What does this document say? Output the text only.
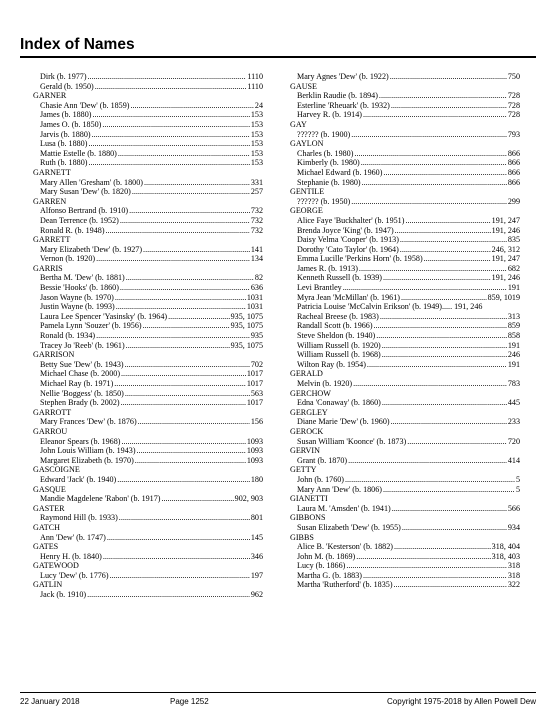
Index of Names
Dirk (b. 1977) .....	1110
Gerald (b. 1950) .....	1110
GARNER
Chasie Ann 'Dew' (b. 1859) .....	24
James (b. 1880) .....	153
James O. (b. 1850) .....	153
Jarvis (b. 1880) .....	153
Lusa (b. 1880) .....	153
Mattie Estelle (b. 1880) .....	153
Ruth (b. 1880) .....	153
GARNETT
Mary Allen 'Gresham' (b. 1800) .....	331
Mary Susan 'Dew' (b. 1820) .....	257
GARREN
Alfonso Bertrand (b. 1910) .....	732
Dean Terrence (b. 1952) .....	732
Ronald R. (b. 1948) .....	732
GARRETT
Mary Elizabeth 'Dew' (b. 1927) .....	141
Vernon (b. 1920) .....	134
GARRIS
Bertha M. 'Dew' (b. 1881) .....	82
Bessie 'Hooks' (b. 1860) .....	636
Jason Wayne (b. 1970) .....	1031
Justin Wayne (b. 1993) .....	1031
Laura Lee Spencer 'Yasinsky' (b. 1964) .....	935, 1075
Pamela Lynn 'Souzer' (b. 1956) .....	935, 1075
Ronald (b. 1934) .....	935
Tracey Jo 'Reeb' (b. 1961) .....	935, 1075
GARRISON
Betty Sue 'Dew' (b. 1943) .....	702
Michael Chase (b. 2000) .....	1017
Michael Ray (b. 1971) .....	1017
Nellie 'Boggess' (b. 1850) .....	563
Stephen Brady (b. 2002) .....	1017
GARROTT
Mary Frances 'Dew' (b. 1876) .....	156
GARROU
Eleanor Spears (b. 1968) .....	1093
John Louis William (b. 1943) .....	1093
Margaret Elizabeth (b. 1970) .....	1093
GASCOIGNE
Edward 'Jack' (b. 1940) .....	180
GASQUE
Mandie Magdelene 'Rabon' (b. 1917) .....	902, 903
GASTER
Raymond Hill (b. 1933) .....	801
GATCH
Ann 'Dew' (b. 1747) .....	145
GATES
Henry H. (b. 1840) .....	346
GATEWOOD
Lucy 'Dew' (b. 1776) .....	197
GATLIN
Jack (b. 1910) .....	962
Mary Agnes 'Dew' (b. 1922) .....	750
GAUSE
Berklin Raudie (b. 1894) .....	728
Esterline 'Rheuark' (b. 1932) .....	728
Harvey R. (b. 1914) .....	728
GAY
?????? (b. 1900) .....	793
GAYLON
Charles (b. 1980) .....	866
Kimberly (b. 1980) .....	866
Michael Edward (b. 1960) .....	866
Stephanie (b. 1980) .....	866
GENTILE
?????? (b. 1950) .....	299
GEORGE
Alice Faye 'Buckhalter' (b. 1951) .....	191, 247
Brenda Joyce 'King' (b. 1947) .....	191, 246
Daisy Velma 'Cooper' (b. 1913) .....	835
Dorothy 'Cato Taylor' (b. 1964) .....	246, 312
Emma Lucille 'Perkins Horn' (b. 1958) .....	191, 247
James R. (b. 1913) .....	682
Kenneth Russell (b. 1939) .....	191, 246
Levi Brantley .....	191
Myra Jean 'McMillan' (b. 1961) .....	859, 1019
Patricia Louise 'McCalvin Erikson' (b. 1949)..... 191, 246
Racheal Breese (b. 1983) .....	313
Randall Scott (b. 1966) .....	859
Steve Sheldon (b. 1940) .....	858
William Russell (b. 1920) .....	191
William Russell (b. 1968) .....	246
Wilton Ray (b. 1954) .....	191
GERALD
Melvin (b. 1920) .....	783
GERCHOW
Edna 'Conaway' (b. 1860) .....	445
GERGLEY
Diane Marie 'Dew' (b. 1960) .....	233
GEROCK
Susan William 'Koonce' (b. 1873) .....	720
GERVIN
Grant (b. 1870) .....	414
GETTY
John (b. 1760) .....	5
Mary Ann 'Dew' (b. 1806) .....	5
GIANETTI
Laura M. 'Amsden' (b. 1941) .....	566
GIBBONS
Susan Elizabeth 'Dew' (b. 1955) .....	934
GIBBS
Alice B. 'Kesterson' (b. 1882) .....	318, 404
John M. (b. 1869) .....	318, 403
Lucy (b. 1866) .....	318
Martha G. (b. 1883) .....	318
Martha 'Rutherford' (b. 1835) .....	322
22 January 2018	Page 1252	Copyright 1975-2018 by Allen Powell Dew
